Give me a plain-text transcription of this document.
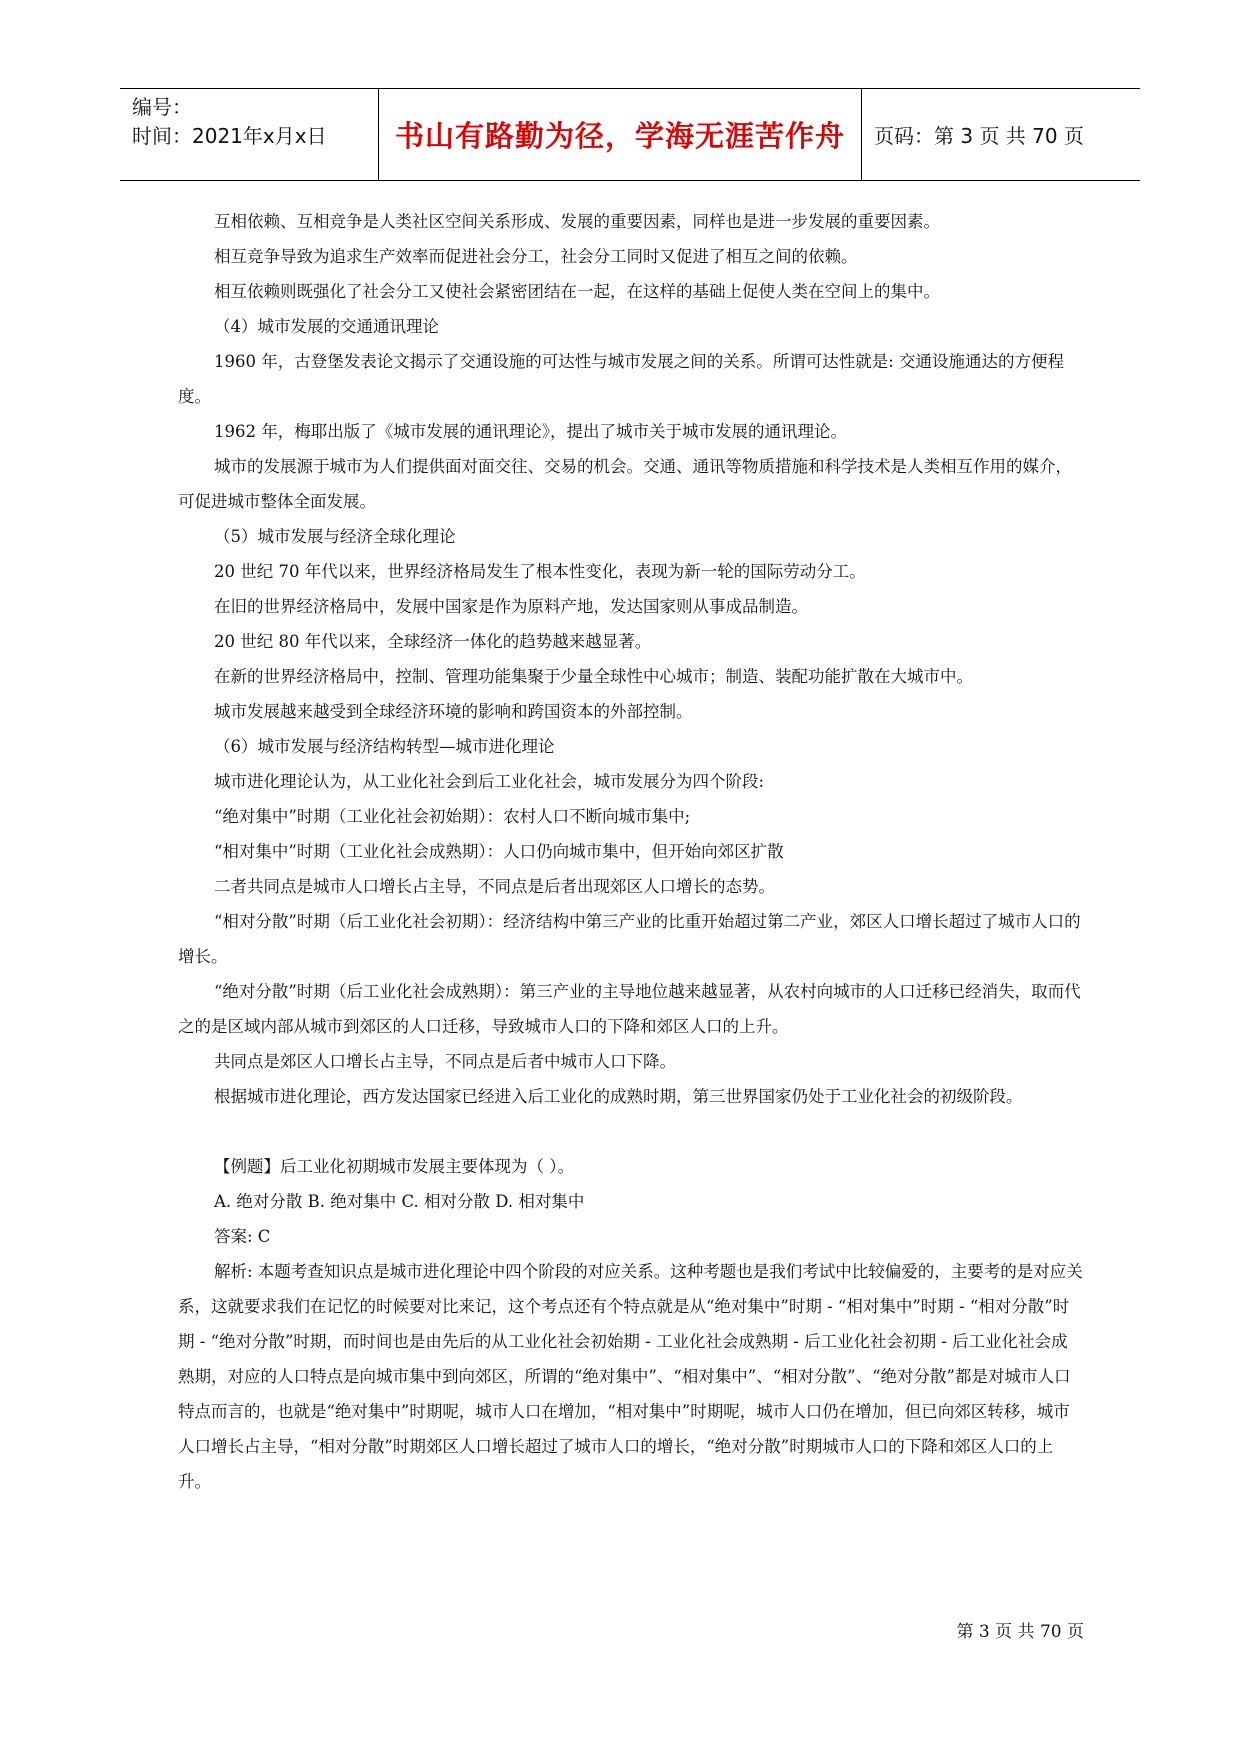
编号：
时间：2021年x月x日	书山有路勤为径，学海无涯苦作舟	页码：第 3 页 共 70 页
互相依赖、互相竞争是人类社区空间关系形成、发展的重要因素，同样也是进一步发展的重要因素。
相互竞争导致为追求生产效率而促进社会分工，社会分工同时又促进了相互之间的依赖。
相互依赖则既强化了社会分工又使社会紧密团结在一起，在这样的基础上促使人类在空间上的集中。
（4）城市发展的交通通讯理论
1960 年，古登堡发表论文揭示了交通设施的可达性与城市发展之间的关系。所谓可达性就是: 交通设施通达的方便程度。
1962 年，梅耶出版了《城市发展的通讯理论》，提出了城市关于城市发展的通讯理论。
城市的发展源于城市为人们提供面对面交往、交易的机会。交通、通讯等物质措施和科学技术是人类相互作用的媒介，可促进城市整体全面发展。
（5）城市发展与经济全球化理论
20 世纪 70 年代以来，世界经济格局发生了根本性变化，表现为新一轮的国际劳动分工。
在旧的世界经济格局中，发展中国家是作为原料产地，发达国家则从事成品制造。
20 世纪 80 年代以来，全球经济一体化的趋势越来越显著。
在新的世界经济格局中，控制、管理功能集聚于少量全球性中心城市；制造、装配功能扩散在大城市中。
城市发展越来越受到全球经济环境的影响和跨国资本的外部控制。
（6）城市发展与经济结构转型—城市进化理论
城市进化理论认为，从工业化社会到后工业化社会，城市发展分为四个阶段:
“绝对集中”时期（工业化社会初始期）：农村人口不断向城市集中;
“相对集中”时期（工业化社会成熟期）：人口仍向城市集中，但开始向郊区扩散
二者共同点是城市人口增长占主导，不同点是后者出现郊区人口增长的态势。
“相对分散”时期（后工业化社会初期）：经济结构中第三产业的比重开始超过第二产业，郊区人口增长超过了城市人口的增长。
“绝对分散”时期（后工业化社会成熟期）：第三产业的主导地位越来越显著，从农村向城市的人口迁移已经消失，取而代之的是区域内部从城市到郊区的人口迁移，导致城市人口的下降和郊区人口的上升。
共同点是郊区人口增长占主导，不同点是后者中城市人口下降。
根据城市进化理论，西方发达国家已经进入后工业化的成熟时期，第三世界国家仍处于工业化社会的初级阶段。
【例题】后工业化初期城市发展主要体现为（ ）。
A. 绝对分散 B. 绝对集中 C. 相对分散 D. 相对集中
答案: C
解析: 本题考查知识点是城市进化理论中四个阶段的对应关系。这种考题也是我们考试中比较偏爱的，主要考的是对应关系，这就要求我们在记忆的时候要对比来记，这个考点还有个特点就是从“绝对集中”时期 - “相对集中”时期 - “相对分散”时期 - “绝对分散”时期，而时间也是由先后的从工业化社会初始期 - 工业化社会成熟期 - 后工业化社会初期 - 后工业化社会成熟期，对应的人口特点是向城市集中到向郊区，所谓的“绝对集中”、“相对集中”、“相对分散”、“绝对分散”都是对城市人口特点而言的，也就是“绝对集中”时期呢，城市人口在增加，“相对集中”时期呢，城市人口仍在增加，但已向郊区转移，城市人口增长占主导，“相对分散”时期郊区人口增长超过了城市人口的增长，“绝对分散”时期城市人口的下降和郊区人口的上升。
第 3 页 共 70 页
